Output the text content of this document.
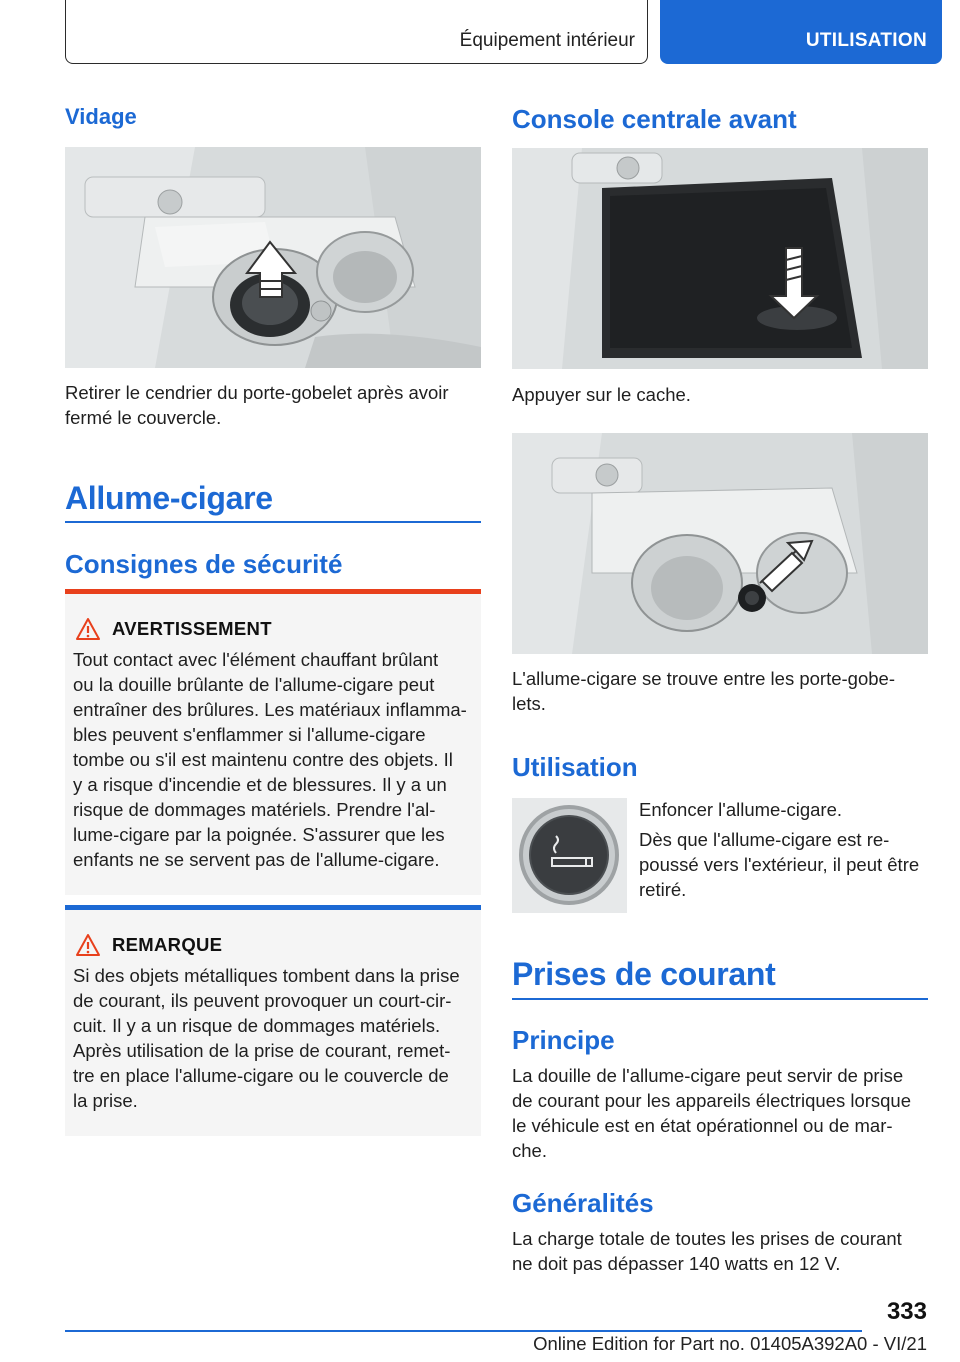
Équipement intérieur	UTILISATION
Vidage
Retirer le cendrier du porte-gobelet après avoir
fermé le couvercle.
Allume-cigare
Consignes de sécurité
AVERTISSEMENT
Tout contact avec l'élément chauffant brûlant
ou la douille brûlante de l'allume-cigare peut
entraîner des brûlures. Les matériaux inflamma-
bles peuvent s'enflammer si l'allume-cigare
tombe ou s'il est maintenu contre des objets. Il
y a risque d'incendie et de blessures. Il y a un
risque de dommages matériels. Prendre l'al-
lume-cigare par la poignée. S'assurer que les
enfants ne se servent pas de l'allume-cigare.
REMARQUE
Si des objets métalliques tombent dans la prise
de courant, ils peuvent provoquer un court-cir-
cuit. Il y a un risque de dommages matériels.
Après utilisation de la prise de courant, remet-
tre en place l'allume-cigare ou le couvercle de
la prise.
Console centrale avant
Appuyer sur le cache.
L'allume-cigare se trouve entre les porte-gobe-
lets.
Utilisation
Enfoncer l'allume-cigare.
Dès que l'allume-cigare est re-
poussé vers l'extérieur, il peut être
retiré.
Prises de courant
Principe
La douille de l'allume-cigare peut servir de prise
de courant pour les appareils électriques lorsque
le véhicule est en état opérationnel ou de mar-
che.
Généralités
La charge totale de toutes les prises de courant
ne doit pas dépasser 140 watts en 12 V.
333
Online Edition for Part no. 01405A392A0 - VI/21
